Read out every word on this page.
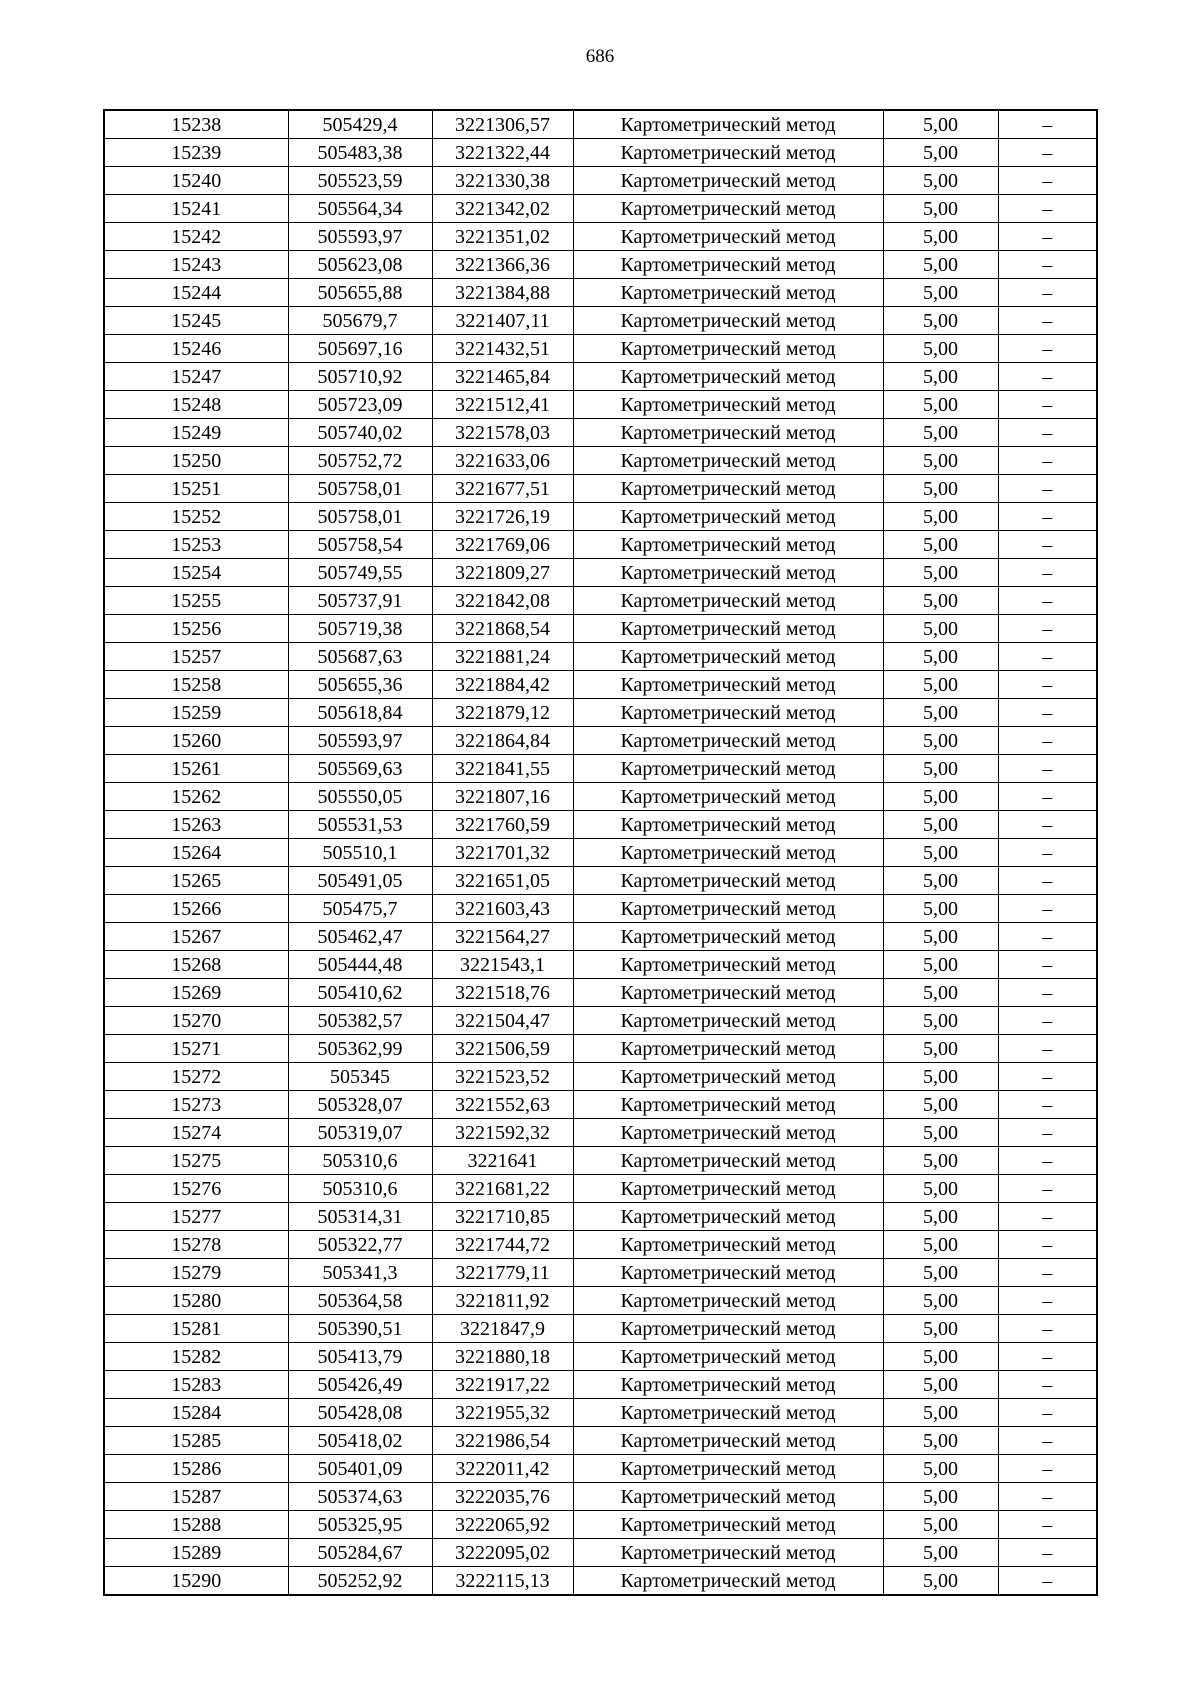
686
15238	505429,4	3221306,57	Картометрический метод	5,00	–
15239	505483,38	3221322,44	Картометрический метод	5,00	–
15240	505523,59	3221330,38	Картометрический метод	5,00	–
15241	505564,34	3221342,02	Картометрический метод	5,00	–
15242	505593,97	3221351,02	Картометрический метод	5,00	–
15243	505623,08	3221366,36	Картометрический метод	5,00	–
15244	505655,88	3221384,88	Картометрический метод	5,00	–
15245	505679,7	3221407,11	Картометрический метод	5,00	–
15246	505697,16	3221432,51	Картометрический метод	5,00	–
15247	505710,92	3221465,84	Картометрический метод	5,00	–
15248	505723,09	3221512,41	Картометрический метод	5,00	–
15249	505740,02	3221578,03	Картометрический метод	5,00	–
15250	505752,72	3221633,06	Картометрический метод	5,00	–
15251	505758,01	3221677,51	Картометрический метод	5,00	–
15252	505758,01	3221726,19	Картометрический метод	5,00	–
15253	505758,54	3221769,06	Картометрический метод	5,00	–
15254	505749,55	3221809,27	Картометрический метод	5,00	–
15255	505737,91	3221842,08	Картометрический метод	5,00	–
15256	505719,38	3221868,54	Картометрический метод	5,00	–
15257	505687,63	3221881,24	Картометрический метод	5,00	–
15258	505655,36	3221884,42	Картометрический метод	5,00	–
15259	505618,84	3221879,12	Картометрический метод	5,00	–
15260	505593,97	3221864,84	Картометрический метод	5,00	–
15261	505569,63	3221841,55	Картометрический метод	5,00	–
15262	505550,05	3221807,16	Картометрический метод	5,00	–
15263	505531,53	3221760,59	Картометрический метод	5,00	–
15264	505510,1	3221701,32	Картометрический метод	5,00	–
15265	505491,05	3221651,05	Картометрический метод	5,00	–
15266	505475,7	3221603,43	Картометрический метод	5,00	–
15267	505462,47	3221564,27	Картометрический метод	5,00	–
15268	505444,48	3221543,1	Картометрический метод	5,00	–
15269	505410,62	3221518,76	Картометрический метод	5,00	–
15270	505382,57	3221504,47	Картометрический метод	5,00	–
15271	505362,99	3221506,59	Картометрический метод	5,00	–
15272	505345	3221523,52	Картометрический метод	5,00	–
15273	505328,07	3221552,63	Картометрический метод	5,00	–
15274	505319,07	3221592,32	Картометрический метод	5,00	–
15275	505310,6	3221641	Картометрический метод	5,00	–
15276	505310,6	3221681,22	Картометрический метод	5,00	–
15277	505314,31	3221710,85	Картометрический метод	5,00	–
15278	505322,77	3221744,72	Картометрический метод	5,00	–
15279	505341,3	3221779,11	Картометрический метод	5,00	–
15280	505364,58	3221811,92	Картометрический метод	5,00	–
15281	505390,51	3221847,9	Картометрический метод	5,00	–
15282	505413,79	3221880,18	Картометрический метод	5,00	–
15283	505426,49	3221917,22	Картометрический метод	5,00	–
15284	505428,08	3221955,32	Картометрический метод	5,00	–
15285	505418,02	3221986,54	Картометрический метод	5,00	–
15286	505401,09	3222011,42	Картометрический метод	5,00	–
15287	505374,63	3222035,76	Картометрический метод	5,00	–
15288	505325,95	3222065,92	Картометрический метод	5,00	–
15289	505284,67	3222095,02	Картометрический метод	5,00	–
15290	505252,92	3222115,13	Картометрический метод	5,00	–
